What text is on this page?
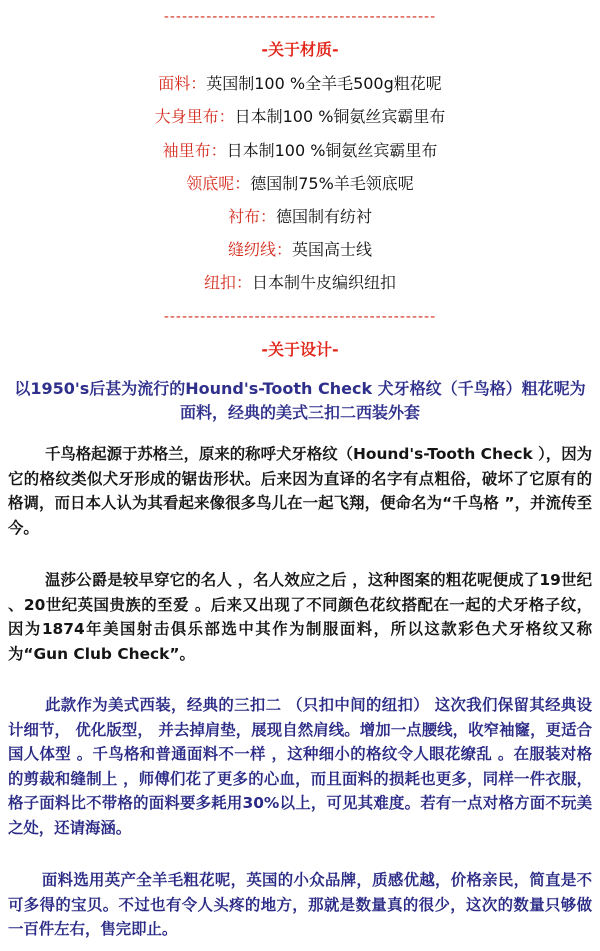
---------------------------------------------
-关于材质-
面料：英国制100 %全羊毛500g粗花呢
大身里布：日本制100 %铜氨丝宾霸里布
袖里布：日本制100 %铜氨丝宾霸里布
领底呢：德国制75%羊毛领底呢
衬布：德国制有纺衬
缝纫线：英国高士线
纽扣：日本制牛皮编织纽扣
---------------------------------------------
-关于设计-
以1950's后甚为流行的Hound's-Tooth Check 犬牙格纹（千鸟格）粗花呢为面料，经典的美式三扣二西装外套
千鸟格起源于苏格兰，原来的称呼犬牙格纹（Hound's-Tooth Check ），因为它的格纹类似犬牙形成的锯齿形状。后来因为直译的名字有点粗俗，破坏了它原有的格调，而日本人认为其看起来像很多鸟儿在一起飞翔，便命名为“千鸟格 ”，并流传至今。
温莎公爵是较早穿它的名人 ，名人效应之后 ，这种图案的粗花呢便成了19世纪 、20世纪英国贵族的至爱 。后来又出现了不同颜色花纹搭配在一起的犬牙格子纹， 因为1874年美国射击俱乐部选中其作为制服面料，所以这款彩色犬牙格纹又称为“Gun Club Check”。
此款作为美式西装，经典的三扣二 （只扣中间的纽扣） 这次我们保留其经典设计细节， 优化版型， 并去掉肩垫，展现自然肩线。增加一点腰线，收窄袖窿，更适合国人体型 。千鸟格和普通面料不一样 ，这种细小的格纹令人眼花缭乱 。在服装对格的剪裁和缝制上 ，师傅们花了更多的心血，而且面料的损耗也更多，同样一件衣服，格子面料比不带格的面料要多耗用30%以上，可见其难度。若有一点对格方面不玩美之处，还请海涵。
面料选用英产全羊毛粗花呢，英国的小众品牌，质感优越，价格亲民，简直是不可多得的宝贝。不过也有令人头疼的地方，那就是数量真的很少，这次的数量只够做一百件左右，售完即止。
